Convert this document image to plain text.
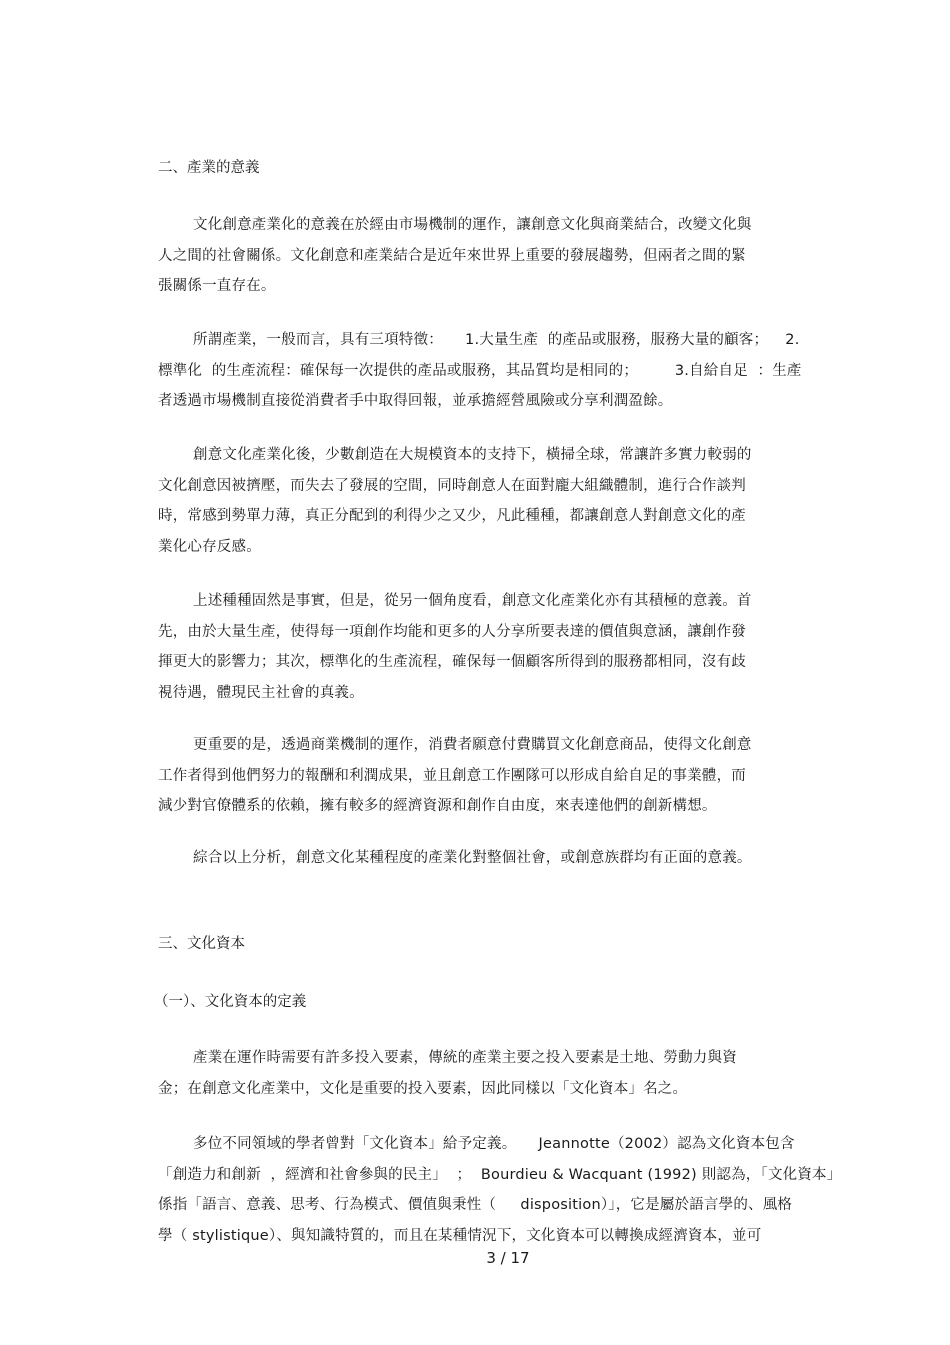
二、產業的意義
文化創意產業化的意義在於經由市場機制的運作，讓創意文化與商業結合，改變文化與
人之間的社會關係。文化創意和產業結合是近年來世界上重要的發展趨勢，但兩者之間的緊
張關係一直存在。
所謂產業，一般而言，具有三項特徵：　　1.大量生產  的產品或服務，服務大量的顧客；　  2.
標準化  的生產流程：確保每一次提供的產品或服務，其品質均是相同的；　　　3.自給自足  ：生產
者透過市場機制直接從消費者手中取得回報，並承擔經營風險或分享利潤盈餘。
創意文化產業化後，少數創造在大規模資本的支持下，橫掃全球，常讓許多實力較弱的
文化創意因被擠壓，而失去了發展的空間，同時創意人在面對龐大組織體制，進行合作談判
時，常感到勢單力薄，真正分配到的利得少之又少，凡此種種，都讓創意人對創意文化的產
業化心存反感。
上述種種固然是事實，但是，從另一個角度看，創意文化產業化亦有其積極的意義。首
先，由於大量生產，使得每一項創作均能和更多的人分享所要表達的價值與意涵，讓創作發
揮更大的影響力；其次，標準化的生產流程，確保每一個顧客所得到的服務都相同，沒有歧
視待遇，體現民主社會的真義。
更重要的是，透過商業機制的運作，消費者願意付費購買文化創意商品，使得文化創意
工作者得到他們努力的報酬和利潤成果，並且創意工作團隊可以形成自給自足的事業體，而
減少對官僚體系的依賴，擁有較多的經濟資源和創作自由度，來表達他們的創新構想。
綜合以上分析，創意文化某種程度的產業化對整個社會，或創意族群均有正面的意義。
三、文化資本
（一）、文化資本的定義
產業在運作時需要有許多投入要素，傳統的產業主要之投入要素是土地、勞動力與資
金；在創意文化產業中，文化是重要的投入要素，因此同樣以「文化資本」名之。
多位不同領域的學者曾對「文化資本」給予定義。　　Jeannotte（2002）認為文化資本包含
「創造力和創新  ，經濟和社會參與的民主」  ；  Bourdieu & Wacquant (1992) 則認為，「文化資本」
係指「語言、意義、思考、行為模式、價值與秉性（　  disposition）」，它是屬於語言學的、風格
學（ stylistique）、與知識特質的，而且在某種情況下，文化資本可以轉換成經濟資本，並可
3 / 17
